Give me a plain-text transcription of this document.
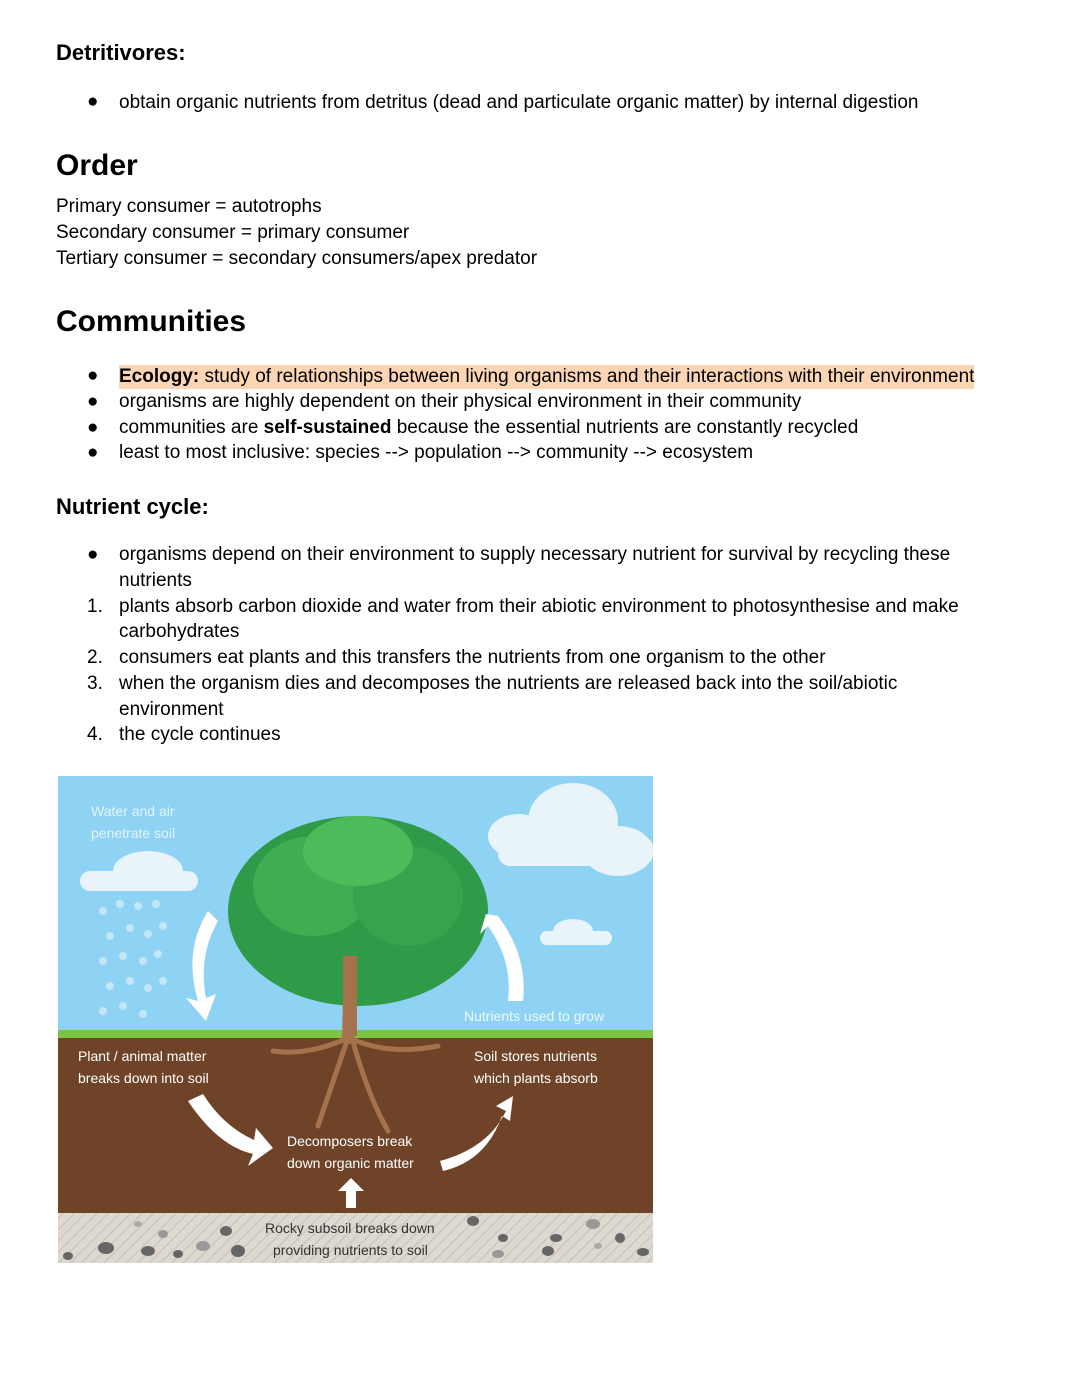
Detritivores:
● obtain organic nutrients from detritus (dead and particulate organic matter) by internal digestion
Order
Primary consumer = autotrophs
Secondary consumer = primary consumer
Tertiary consumer = secondary consumers/apex predator
Communities
● Ecology: study of relationships between living organisms and their interactions with their environment
● organisms are highly dependent on their physical environment in their community
● communities are self-sustained because the essential nutrients are constantly recycled
● least to most inclusive: species --> population --> community --> ecosystem
Nutrient cycle:
● organisms depend on their environment to supply necessary nutrient for survival by recycling these
nutrients
1. plants absorb carbon dioxide and water from their abiotic environment to photosynthesise and make
carbohydrates
2. consumers eat plants and this transfers the nutrients from one organism to the other
3. when the organism dies and decomposes the nutrients are released back into the soil/abiotic
environment
4. the cycle continues
Water and air
penetrate soil
Nutrients used to grow
Plant / animal matter
breaks down into soil
Soil stores nutrients
which plants absorb
Decomposers break
down organic matter
Rocky subsoil breaks down
providing nutrients to soil
